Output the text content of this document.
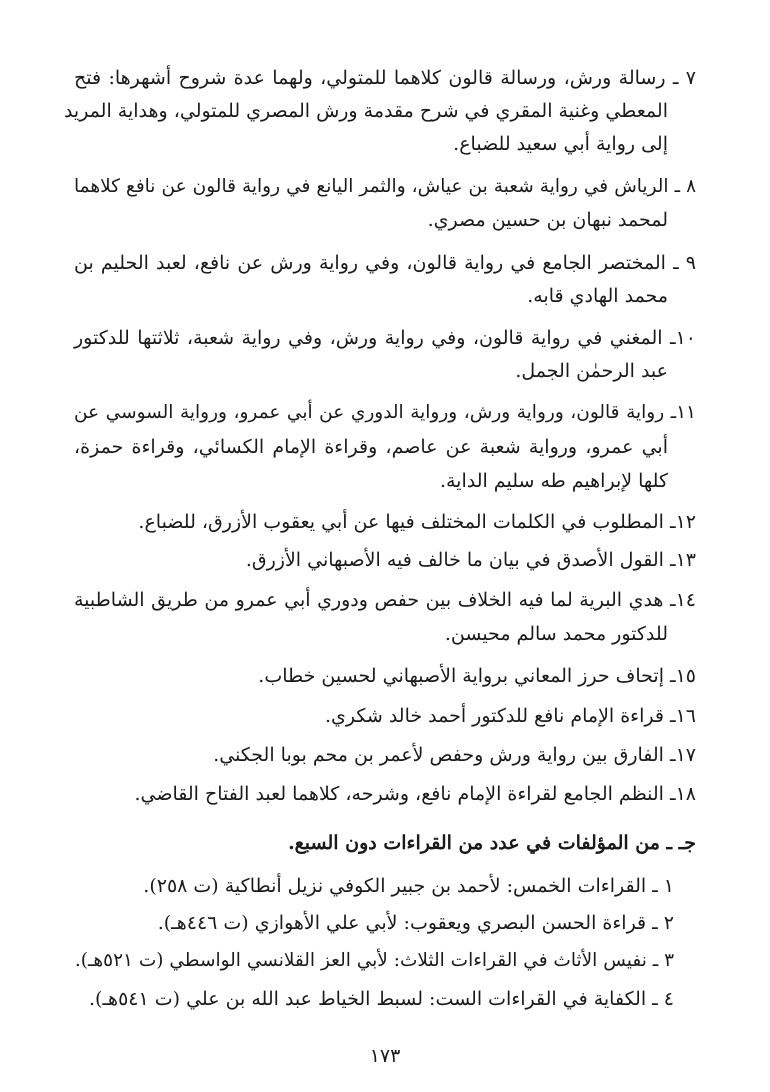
٧ ـ رسالة ورش، ورسالة قالون كلاهما للمتولي، ولهما عدة شروح أشهرها: فتح
المعطي وغنية المقري في شرح مقدمة ورش المصري للمتولي، وهداية المريد
إلى رواية أبي سعيد للضباع.
٨ ـ الرياش في رواية شعبة بن عياش، والثمر اليانع في رواية قالون عن نافع كلاهما
لمحمد نبهان بن حسين مصري.
٩ ـ المختصر الجامع في رواية قالون، وفي رواية ورش عن نافع، لعبد الحليم بن
محمد الهادي قابه.
١٠ـ المغني في رواية قالون، وفي رواية ورش، وفي رواية شعبة، ثلاثتها للدكتور
عبد الرحمٰن الجمل.
١١ـ رواية قالون، ورواية ورش، ورواية الدوري عن أبي عمرو، ورواية السوسي عن
أبي عمرو، ورواية شعبة عن عاصم، وقراءة الإمام الكسائي، وقراءة حمزة،
كلها لإبراهيم طه سليم الداية.
١٢ـ المطلوب في الكلمات المختلف فيها عن أبي يعقوب الأزرق، للضباع.
١٣ـ القول الأصدق في بيان ما خالف فيه الأصبهاني الأزرق.
١٤ـ هدي البرية لما فيه الخلاف بين حفص ودوري أبي عمرو من طريق الشاطبية
للدكتور محمد سالم محيسن.
١٥ـ إتحاف حرز المعاني برواية الأصبهاني لحسين خطاب.
١٦ـ قراءة الإمام نافع للدكتور أحمد خالد شكري.
١٧ـ الفارق بين رواية ورش وحفص لأعمر بن محم بوبا الجكني.
١٨ـ النظم الجامع لقراءة الإمام نافع، وشرحه، كلاهما لعبد الفتاح القاضي.
جـ ـ من المؤلفات في عدد من القراءات دون السبع.
١ ـ القراءات الخمس: لأحمد بن جبير الكوفي نزيل أنطاكية (ت ٢٥٨).
٢ ـ قراءة الحسن البصري ويعقوب: لأبي علي الأهوازي (ت ٤٤٦هـ).
٣ ـ نفيس الأثاث في القراءات الثلاث: لأبي العز القلانسي الواسطي (ت ٥٢١هـ).
٤ ـ الكفاية في القراءات الست: لسبط الخياط عبد الله بن علي (ت ٥٤١هـ).
١٧٣
